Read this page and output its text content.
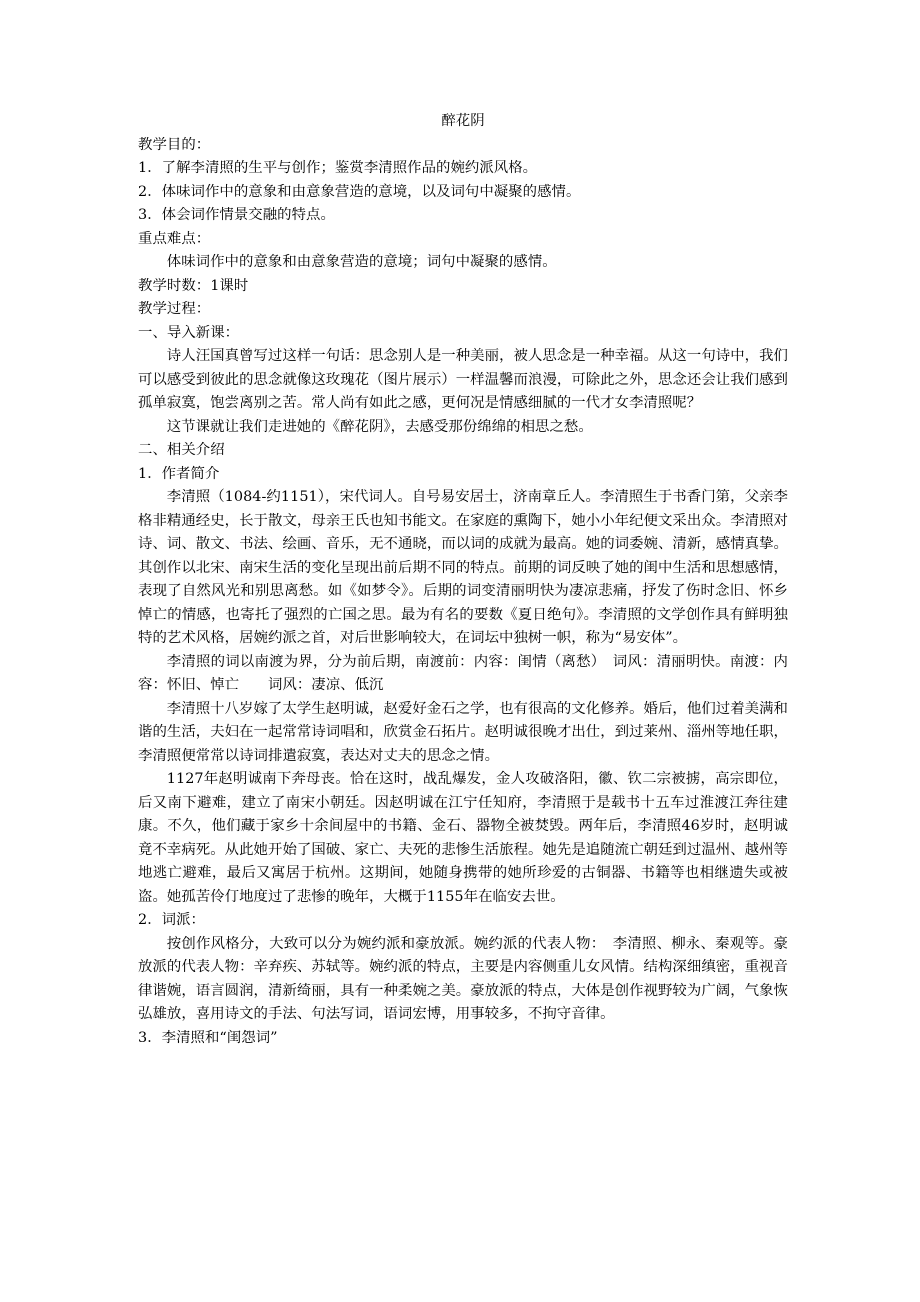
醉花阴

教学目的：

1．了解李清照的生平与创作；鉴赏李清照作品的婉约派风格。

2．体味词作中的意象和由意象营造的意境，以及词句中凝聚的感情。

3．体会词作情景交融的特点。

重点难点：

体味词作中的意象和由意象营造的意境；词句中凝聚的感情。

教学时数：1课时

教学过程：

一、导入新课：

诗人汪国真曾写过这样一句话：思念别人是一种美丽，被人思念是一种幸福。从这一句诗中，我们可以感受到彼此的思念就像这玫瑰花（图片展示）一样温馨而浪漫，可除此之外，思念还会让我们感到孤单寂寞，饱尝离别之苦。常人尚有如此之感，更何况是情感细腻的一代才女李清照呢？

这节课就让我们走进她的《醉花阴》，去感受那份绵绵的相思之愁。

二、相关介绍

1．作者简介

李清照（1084-约1151），宋代词人。自号易安居士，济南章丘人。李清照生于书香门第，父亲李格非精通经史，长于散文，母亲王氏也知书能文。在家庭的熏陶下，她小小年纪便文采出众。李清照对诗、词、散文、书法、绘画、音乐，无不通晓，而以词的成就为最高。她的词委婉、清新，感情真挚。其创作以北宋、南宋生活的变化呈现出前后期不同的特点。前期的词反映了她的闺中生活和思想感情，表现了自然风光和别思离愁。如《如梦令》。后期的词变清丽明快为凄凉悲痛，抒发了伤时念旧、怀乡悼亡的情感，也寄托了强烈的亡国之思。最为有名的要数《夏日绝句》。李清照的文学创作具有鲜明独特的艺术风格，居婉约派之首，对后世影响较大，在词坛中独树一帜，称为“易安体”。

李清照的词以南渡为界，分为前后期，南渡前：内容：闺情（离愁）　词风：清丽明快。南渡：内容：怀旧、悼亡　　词风：凄凉、低沉

李清照十八岁嫁了太学生赵明诚，赵爱好金石之学，也有很高的文化修养。婚后，他们过着美满和谐的生活，夫妇在一起常常诗词唱和，欣赏金石拓片。赵明诚很晚才出仕，到过莱州、淄州等地任职，李清照便常常以诗词排遣寂寞，表达对丈夫的思念之情。

1127年赵明诚南下奔母丧。恰在这时，战乱爆发，金人攻破洛阳，徽、钦二宗被掳，高宗即位，后又南下避难，建立了南宋小朝廷。因赵明诚在江宁任知府，李清照于是载书十五车过淮渡江奔往建康。不久，他们藏于家乡十余间屋中的书籍、金石、器物全被焚毁。两年后，李清照46岁时，赵明诚竟不幸病死。从此她开始了国破、家亡、夫死的悲惨生活旅程。她先是追随流亡朝廷到过温州、越州等地逃亡避难，最后又寓居于杭州。这期间，她随身携带的她所珍爱的古铜器、书籍等也相继遗失或被盗。她孤苦伶仃地度过了悲惨的晚年，大概于1155年在临安去世。

2．词派：

按创作风格分，大致可以分为婉约派和豪放派。婉约派的代表人物：　李清照、柳永、秦观等。豪放派的代表人物：辛弃疾、苏轼等。婉约派的特点，主要是内容侧重儿女风情。结构深细缜密，重视音律谐婉，语言圆润，清新绮丽，具有一种柔婉之美。豪放派的特点，大体是创作视野较为广阔，气象恢弘雄放，喜用诗文的手法、句法写词，语词宏博，用事较多，不拘守音律。

3．李清照和“闺怨词”
